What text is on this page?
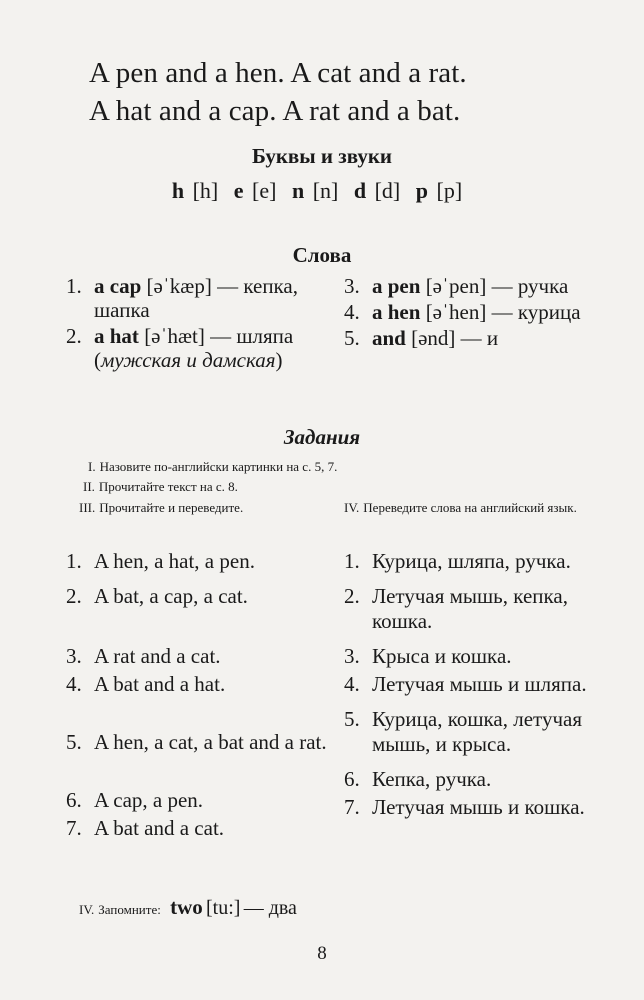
A pen and a hen. A cat and a rat.
A hat and a cap. A rat and a bat.
Буквы и звуки
h [h] e [e] n [n] d [d] p [p]
Слова
1. a cap [əˈkæp] — кепка, шапка
2. a hat [əˈhæt] — шляпа (мужская и дамская)
3. a pen [əˈpen] — ручка
4. a hen [əˈhen] — курица
5. and [ənd] — и
Задания
I. Назовите по-английски картинки на с. 5, 7.
II. Прочитайте текст на с. 8.
III. Прочитайте и переведите.	IV. Переведите слова на английский язык.
1. A hen, a hat, a pen.
2. A bat, a cap, a cat.
3. A rat and a cat.
4. A bat and a hat.
5. A hen, a cat, a bat and a rat.
6. A cap, a pen.
7. A bat and a cat.
1. Курица, шляпа, ручка.
2. Летучая мышь, кепка, кошка.
3. Крыса и кошка.
4. Летучая мышь и шляпа.
5. Курица, кошка, летучая мышь, и крыса.
6. Кепка, ручка.
7. Летучая мышь и кошка.
IV. Запомните: two [tu:] — два
8
